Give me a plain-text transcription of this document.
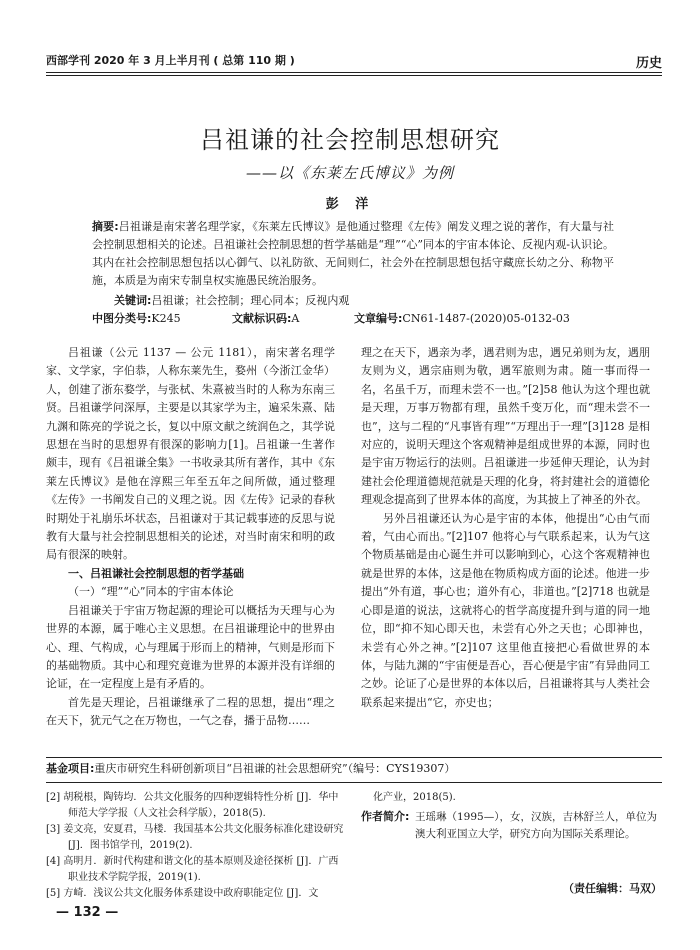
西部学刊 2020 年 3 月上半月刊 ( 总第 110 期 )	历史
吕祖谦的社会控制思想研究
——以《东莱左氏博议》为例
彭 洋
摘要:吕祖谦是南宋著名理学家，《东莱左氏博议》是他通过整理《左传》阐发义理之说的著作，有大量与社会控制思想相关的论述。吕祖谦社会控制思想的哲学基础是“理”“心”同本的宇宙本体论、反视内观-认识论。其内在社会控制思想包括以心御气、以礼防欲、无间则仁，社会外在控制思想包括守藏庶长幼之分、称物平施，本质是为南宋专制皇权实施愚民统治服务。
关键词:吕祖谦；社会控制；理心同本；反视内观
中图分类号:K245	文献标识码:A	文章编号:CN61-1487-(2020)05-0132-03

吕祖谦（公元 1137 — 公元 1181），南宋著名理学家、文学家，字伯恭，人称东莱先生，婺州（今浙江金华）人，创建了浙东婺学，与张栻、朱熹被当时的人称为东南三贤。吕祖谦学问深厚，主要是以其家学为主，遍采朱熹、陆九渊和陈亮的学说之长，复以中原文献之统润色之，其学说思想在当时的思想界有很深的影响力[1]。吕祖谦一生著作颇丰，现有《吕祖谦全集》一书收录其所有著作，其中《东莱左氏博议》是他在淳熙三年至五年之间所做，通过整理《左传》一书阐发自己的义理之说。因《左传》记录的春秋时期处于礼崩乐坏状态，吕祖谦对于其记载事迹的反思与说教有大量与社会控制思想相关的论述，对当时南宋和明的政局有很深的映射。

一、吕祖谦社会控制思想的哲学基础
（一）“理”“心”同本的宇宙本体论

吕祖谦关于宇宙万物起源的理论可以概括为天理与心为世界的本源，属于唯心主义思想。在吕祖谦理论中的世界由心、理、气构成，心与理属于形而上的精神，气则是形而下的基础物质。其中心和理究竟谁为世界的本源并没有详细的论证，在一定程度上是有矛盾的。

首先是天理论，吕祖谦继承了二程的思想，提出“理之在天下，犹元气之在万物也，一气之春，播于品物……

理之在天下，遇亲为孝，遇君则为忠，遇兄弟则为友，遇朋友则为义，遇宗庙则为敬，遇军旅则为肃。随一事而得一名，名虽千万，而理未尝不一也。”[2]58 他认为这个理也就是天理，万事万物都有理，虽然千变万化，而“理未尝不一也”，这与二程的“凡事皆有理”“万理出于一理”[3]128 是相对应的，说明天理这个客观精神是组成世界的本源，同时也是宇宙万物运行的法则。吕祖谦进一步延伸天理论，认为封建社会伦理道德规范就是天理的化身，将封建社会的道德伦理观念提高到了世界本体的高度，为其披上了神圣的外衣。

另外吕祖谦还认为心是宇宙的本体，他提出“心由气而着，气由心而出。”[2]107 他将心与气联系起来，认为气这个物质基础是由心诞生并可以影响到心，心这个客观精神也就是世界的本体，这是他在物质构成方面的论述。他进一步提出“外有道，事心也；道外有心，非道也。”[2]718 也就是心即是道的说法，这就将心的哲学高度提升到与道的同一地位，即“抑不知心即天也，未尝有心外之天也；心即神也，未尝有心外之神。”[2]107 这里他直接把心看做世界的本体，与陆九渊的“宇宙便是吾心，吾心便是宇宙”有异曲同工之妙。论证了心是世界的本体以后，吕祖谦将其与人类社会联系起来提出“它，亦史也；

基金项目:重庆市研究生科研创新项目“吕祖谦的社会思想研究”（编号：CYS19307）

[2] 胡税根，陶铸均．公共文化服务的四种逻辑特性分析 [J]．华中师范大学学报（人文社会科学版），2018(5).

[3] 姜文亮，安夏君，马楼．我国基本公共文化服务标准化建设研究 [J]．图书馆学刊，2019(2).

[4] 高明月．新时代构建和谐文化的基本原则及途径探析 [J]．广西职业技术学院学报，2019(1).

[5] 方崎．浅议公共文化服务体系建设中政府职能定位 [J]．文

化产业，2018(5).

作者简介: 王瑶琳（1995—），女，汉族，吉林舒兰人，单位为澳大利亚国立大学，研究方向为国际关系理论。
（责任编辑：马双）
— 132 —
